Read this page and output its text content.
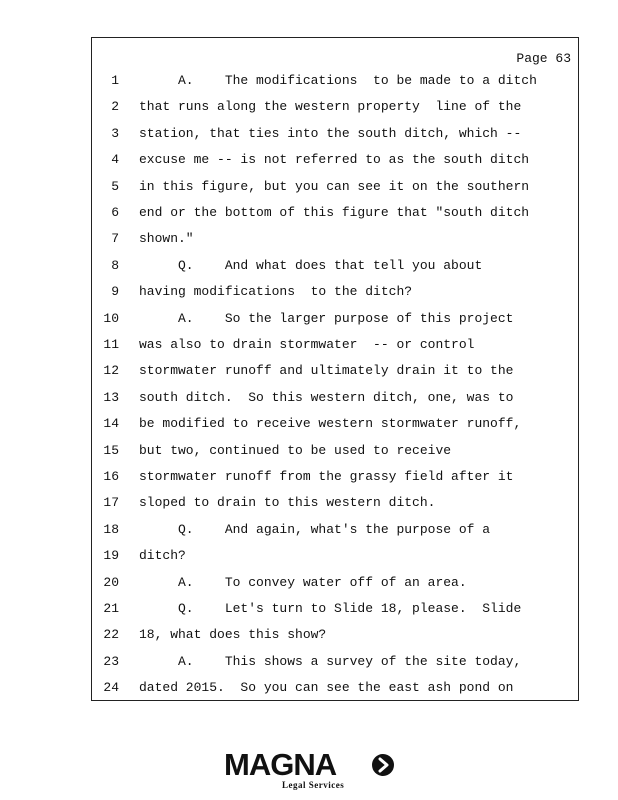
Page 63
1 A.    The modifications  to be made to a ditch
2 that runs along the western property  line of the
3 station, that ties into the south ditch, which --
4 excuse me -- is not referred to as the south ditch
5 in this figure, but you can see it on the southern
6 end or the bottom of this figure that "south ditch
7 shown."
8 Q.    And what does that tell you about
9 having modifications  to the ditch?
10 A.    So the larger purpose of this project
11 was also to drain stormwater  -- or control
12 stormwater runoff and ultimately drain it to the
13 south ditch.  So this western ditch, one, was to
14 be modified to receive western stormwater runoff,
15 but two, continued to be used to receive
16 stormwater runoff from the grassy field after it
17 sloped to drain to this western ditch.
18 Q.    And again, what's the purpose of a
19 ditch?
20 A.    To convey water off of an area.
21 Q.    Let's turn to Slide 18, please.  Slide
22 18, what does this show?
23 A.    This shows a survey of the site today,
24 dated 2015.  So you can see the east ash pond on
MAGNA
Legal Services
